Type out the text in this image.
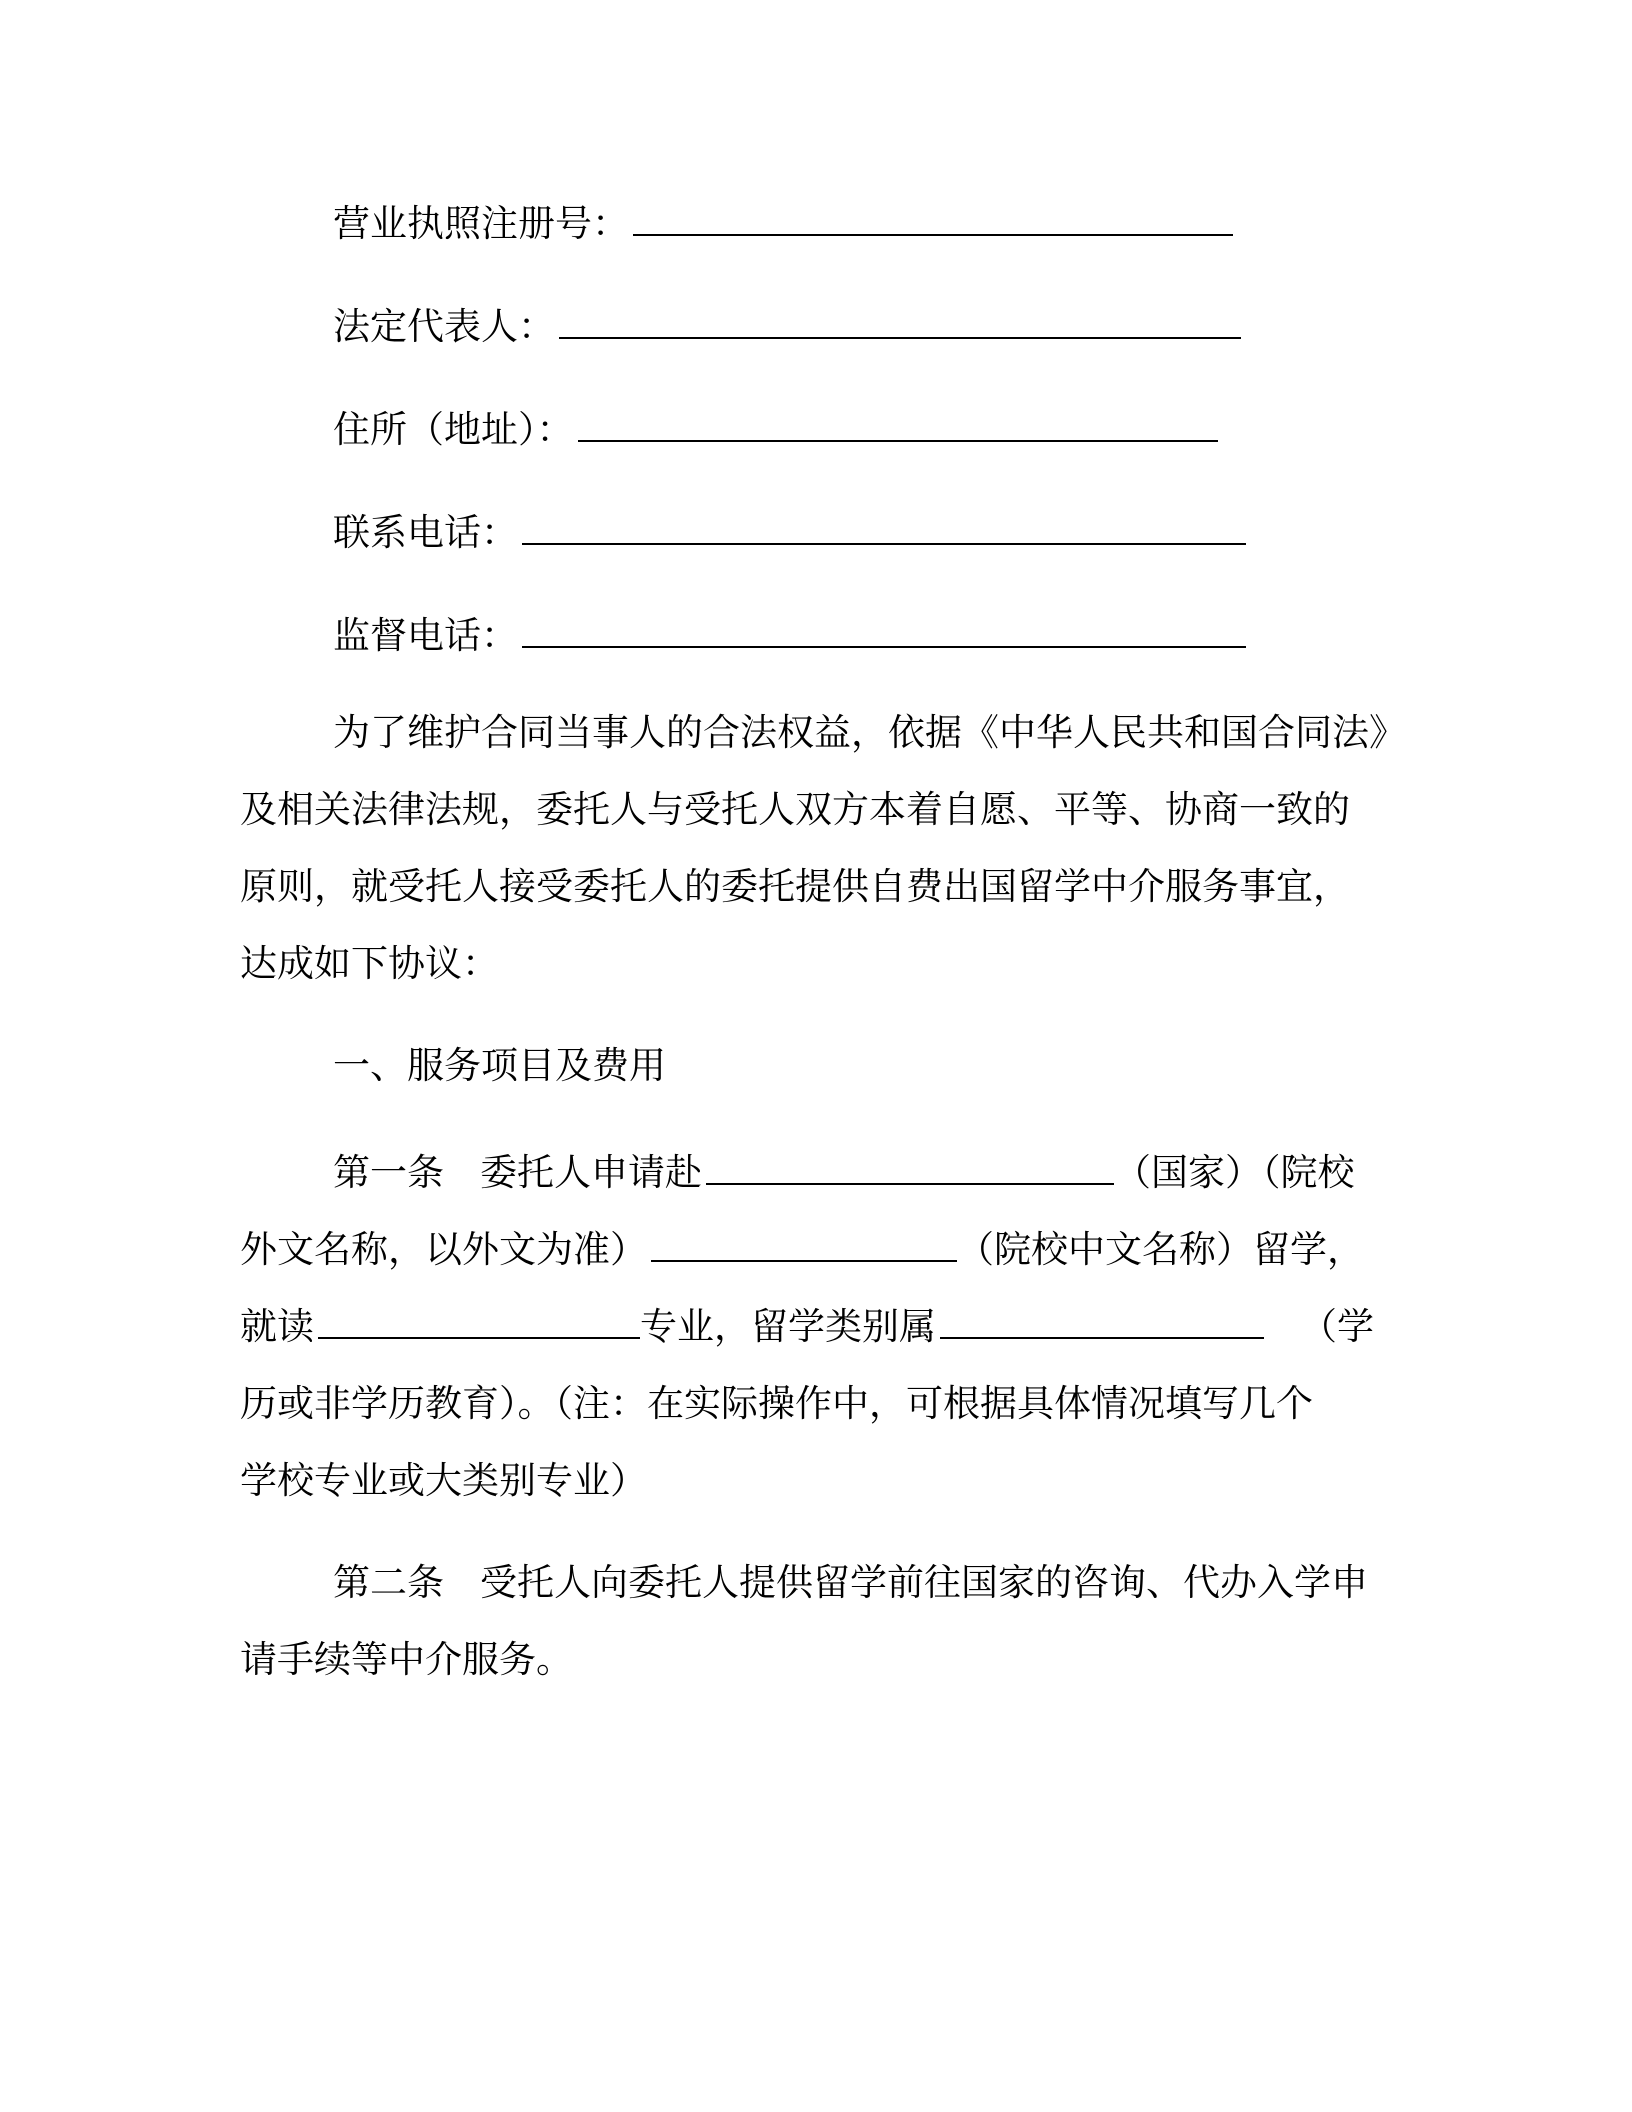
营业执照注册号：
法定代表人：
住所（地址）：
联系电话：
监督电话：
为了维护合同当事人的合法权益，依据《中华人民共和国合同法》
及相关法律法规，委托人与受托人双方本着自愿、平等、协商一致的
原则，就受托人接受委托人的委托提供自费出国留学中介服务事宜，
达成如下协议：
一、服务项目及费用
第一条 委托人申请赴	（国家）（院校
外文名称，以外文为准）	（院校中文名称）留学，
就读	专业，留学类别属	（学
历或非学历教育）。（注：在实际操作中，可根据具体情况填写几个
学校专业或大类别专业）
第二条 受托人向委托人提供留学前往国家的咨询、代办入学申
请手续等中介服务。
